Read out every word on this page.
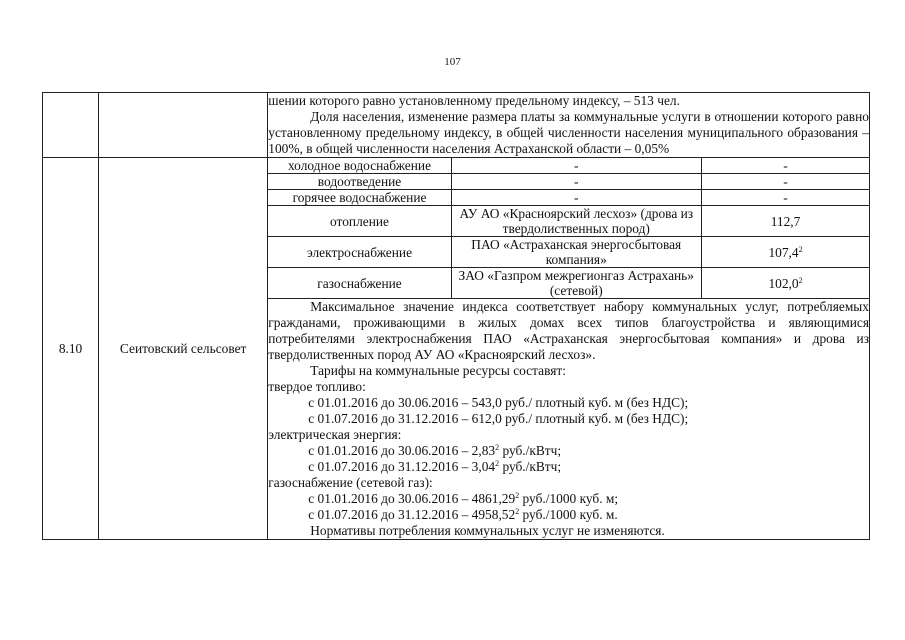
107

шении которого равно установленному предельному индексу, – 513 чел.

Доля населения, изменение размера платы за коммунальные услуги в отношении которого равно установленному предельному индексу, в общей численности населения муниципального образования – 100%, в общей численности населения Астраханской области – 0,05%

8.10	Сеитовский сельсовет	
холодное водоснабжение	-	-
водоотведение	-	-
горячее водоснабжение	-	-
отопление	АУ АО «Красноярский лесхоз» (дрова из твердолиственных пород)	112,7
электроснабжение	ПАО «Астраханская энергосбытовая компания»	107,4$^2$
газоснабжение	ЗАО «Газпром межрегионгаз Астрахань» (сетевой)	102,0$^2$

Максимальное значение индекса соответствует набору коммунальных услуг, потребляемых гражданами, проживающими в жилых домах всех типов благоустройства и являющимися потребителями электроснабжения ПАО «Астраханская энергосбытовая компания» и дрова из твердолиственных пород АУ АО «Красноярский лесхоз».

Тарифы на коммунальные ресурсы составят:

твердое топливо:

с 01.01.2016 до 30.06.2016 – 543,0 руб./ плотный куб. м (без НДС);

с 01.07.2016 до 31.12.2016 – 612,0 руб./ плотный куб. м (без НДС);

электрическая энергия:

с 01.01.2016 до 30.06.2016 – 2,83$^2$ руб./кВтч;

с 01.07.2016 до 31.12.2016 – 3,04$^2$ руб./кВтч;

газоснабжение (сетевой газ):

с 01.01.2016 до 30.06.2016 – 4861,29$^2$ руб./1000 куб. м;

с 01.07.2016 до 31.12.2016 – 4958,52$^2$ руб./1000 куб. м.

Нормативы потребления коммунальных услуг не изменяются.
